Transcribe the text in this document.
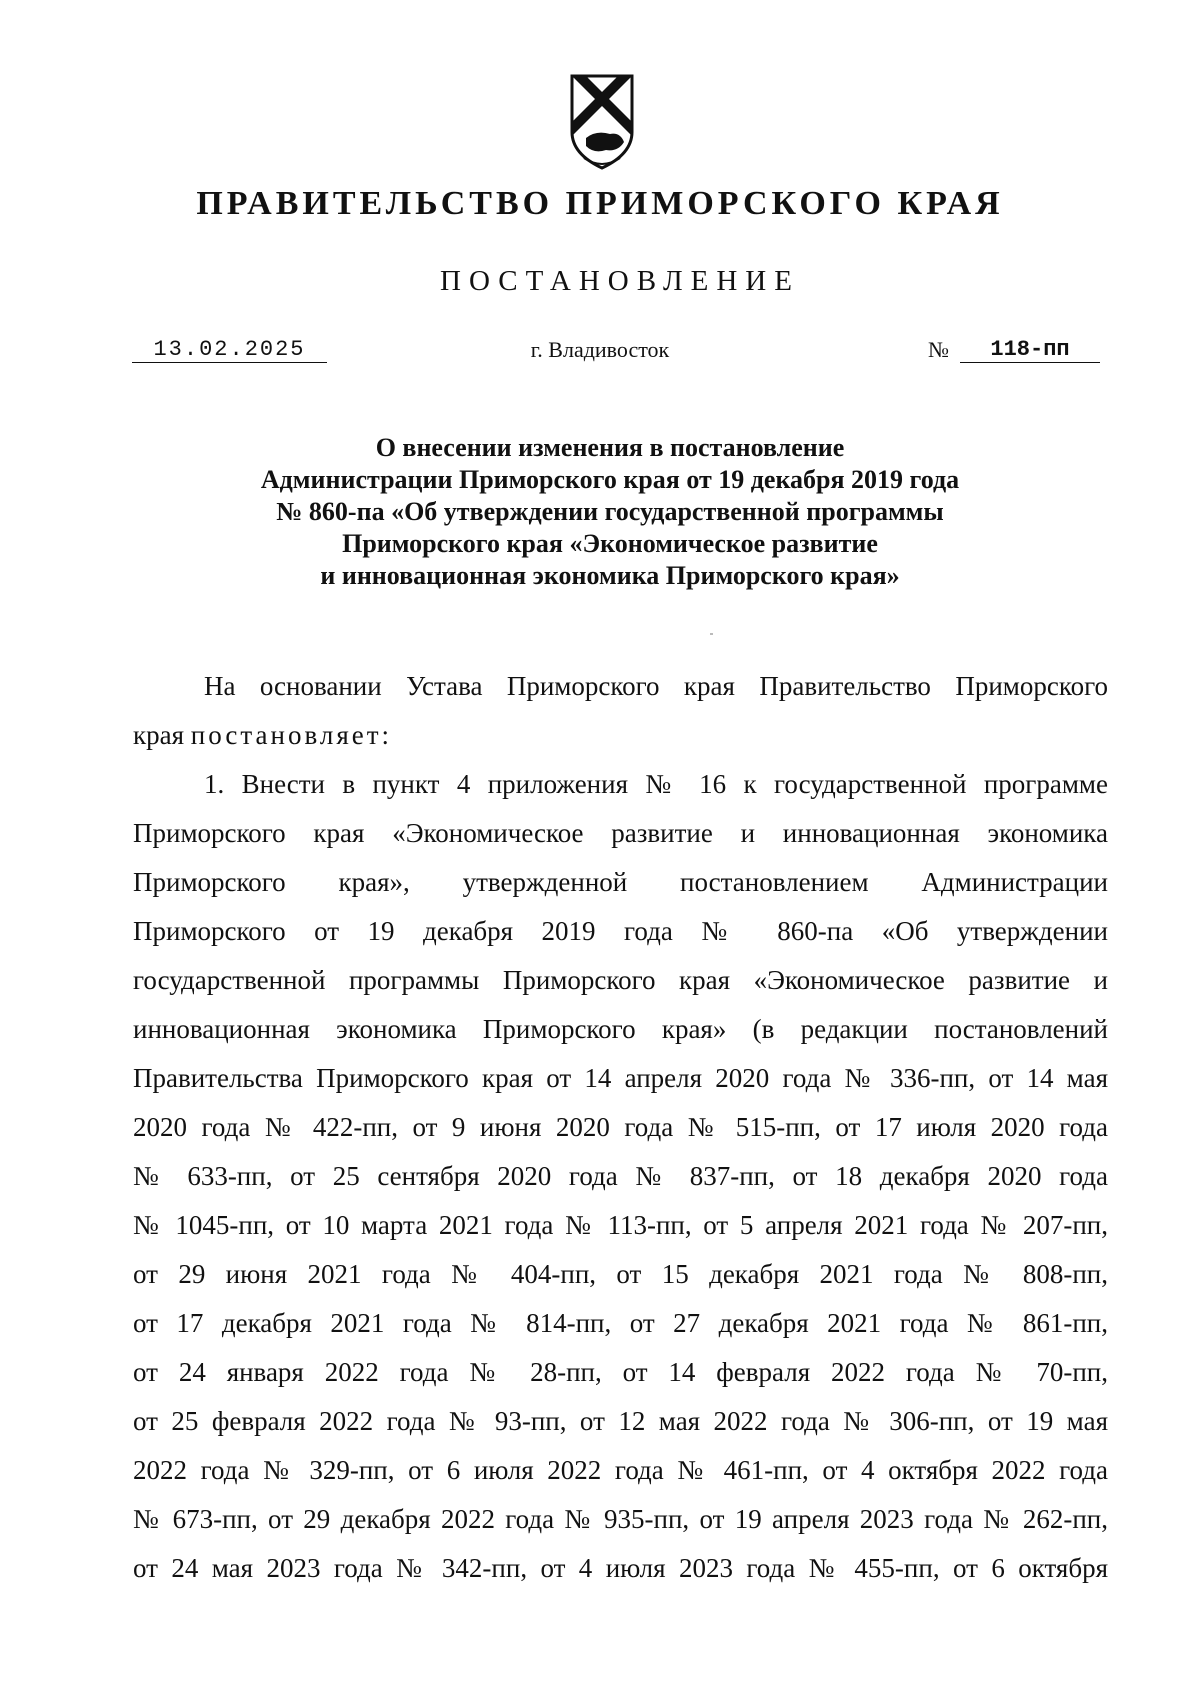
ПРАВИТЕЛЬСТВО ПРИМОРСКОГО КРАЯ
ПОСТАНОВЛЕНИЕ
13.02.2025	г. Владивосток	№	118-пп
О внесении изменения в постановление
Администрации Приморского края от 19 декабря 2019 года
№ 860-па «Об утверждении государственной программы
Приморского края «Экономическое развитие
и инновационная экономика Приморского края»
На основании Устава Приморского края Правительство Приморского
края постановляет:
1. Внести в пункт 4 приложения № 16 к государственной программе
Приморского края «Экономическое развитие и инновационная экономика
Приморского края», утвержденной постановлением Администрации
Приморского от 19 декабря 2019 года № 860-па «Об утверждении
государственной программы Приморского края «Экономическое развитие и
инновационная экономика Приморского края» (в редакции постановлений
Правительства Приморского края от 14 апреля 2020 года № 336-пп, от 14 мая
2020 года № 422-пп, от 9 июня 2020 года № 515-пп, от 17 июля 2020 года
№ 633-пп, от 25 сентября 2020 года № 837-пп, от 18 декабря 2020 года
№ 1045-пп, от 10 марта 2021 года № 113-пп, от 5 апреля 2021 года № 207-пп,
от 29 июня 2021 года № 404-пп, от 15 декабря 2021 года № 808-пп,
от 17 декабря 2021 года № 814-пп, от 27 декабря 2021 года № 861-пп,
от 24 января 2022 года № 28-пп, от 14 февраля 2022 года № 70-пп,
от 25 февраля 2022 года № 93-пп, от 12 мая 2022 года № 306-пп, от 19 мая
2022 года № 329-пп, от 6 июля 2022 года № 461-пп, от 4 октября 2022 года
№ 673-пп, от 29 декабря 2022 года № 935-пп, от 19 апреля 2023 года № 262-пп,
от 24 мая 2023 года № 342-пп, от 4 июля 2023 года № 455-пп, от 6 октября
